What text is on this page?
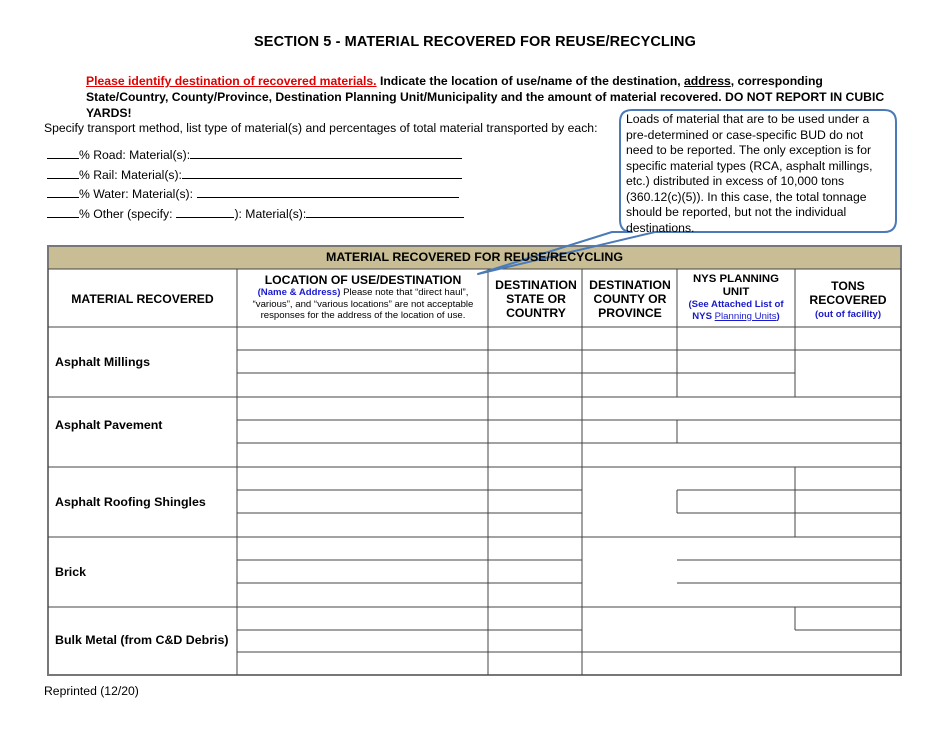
SECTION 5 - MATERIAL RECOVERED FOR REUSE/RECYCLING
Please identify destination of recovered materials. Indicate the location of use/name of the destination, address, corresponding State/Country, County/Province, Destination Planning Unit/Municipality and the amount of material recovered. DO NOT REPORT IN CUBIC YARDS!
Specify transport method, list type of material(s) and percentages of total material transported by each:
% Road: Material(s):
% Rail: Material(s):
% Water: Material(s):
% Other (specify:	): Material(s):
Loads of material that are to be used under a pre-determined or case-specific BUD do not need to be reported. The only exception is for specific material types (RCA, asphalt millings, etc.) distributed in excess of 10,000 tons (360.12(c)(5)). In this case, the total tonnage should be reported, but not the individual destinations.
MATERIAL RECOVERED FOR REUSE/RECYCLING
MATERIAL RECOVERED
LOCATION OF USE/DESTINATION
(Name & Address) Please note that “direct haul”, “various”, and “various locations” are not acceptable responses for the address of the location of use.
DESTINATION STATE OR COUNTRY
DESTINATION COUNTY OR PROVINCE
NYS PLANNING UNIT
(See Attached List of NYS Planning Units)
TONS RECOVERED
(out of facility)
Asphalt Millings
Asphalt Pavement
Asphalt Roofing Shingles
Brick
Bulk Metal (from C&D Debris)
Reprinted (12/20)
